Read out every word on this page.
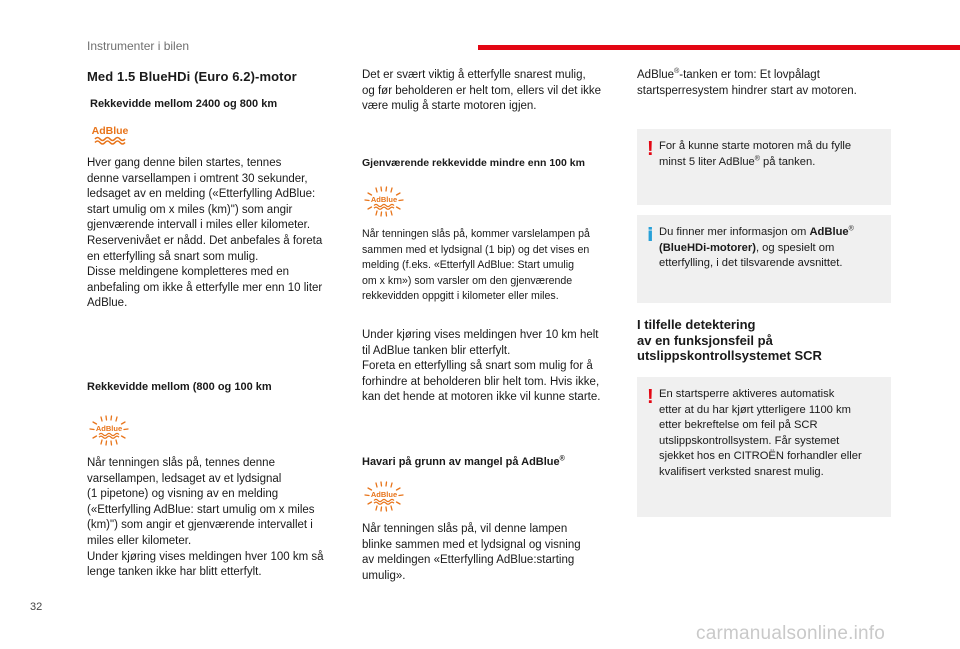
Instrumenter i bilen
Med 1.5 BlueHDi (Euro 6.2)-motor
Rekkevidde mellom 2400 og 800 km
AdBlue
Hver gang denne bilen startes, tennes
denne varsellampen i omtrent 30 sekunder,
ledsaget av en melding («Etterfylling AdBlue:
start umulig om x miles (km)") som angir
gjenværende intervall i miles eller kilometer.
Reservenivået er nådd. Det anbefales å foreta
en etterfylling så snart som mulig.
Disse meldingene kompletteres med en
anbefaling om ikke å etterfylle mer enn 10 liter
AdBlue.
Rekkevidde mellom (800 og 100 km
AdBlue
Når tenningen slås på, tennes denne
varsellampen, ledsaget av et lydsignal
(1 pipetone) og visning av en melding
(«Etterfylling AdBlue: start umulig om x miles
(km)") som angir et gjenværende intervallet i
miles eller kilometer.
Under kjøring vises meldingen hver 100 km så
lenge tanken ikke har blitt etterfylt.
Det er svært viktig å etterfylle snarest mulig,
og før beholderen er helt tom, ellers vil det ikke
være mulig å starte motoren igjen.
Gjenværende rekkevidde mindre enn 100 km
AdBlue
Når tenningen slås på, kommer varslelampen på
sammen med et lydsignal (1 bip) og det vises en
melding (f.eks. «Etterfyll AdBlue: Start umulig
om x km») som varsler om den gjenværende
rekkevidden oppgitt i kilometer eller miles.
Under kjøring vises meldingen hver 10 km helt
til AdBlue tanken blir etterfylt.
Foreta en etterfylling så snart som mulig for å
forhindre at beholderen blir helt tom. Hvis ikke,
kan det hende at motoren ikke vil kunne starte.
Havari på grunn av mangel på AdBlue®
AdBlue
Når tenningen slås på, vil denne lampen
blinke sammen med et lydsignal og visning
av meldingen «Etterfylling AdBlue:starting
umulig».
AdBlue®-tanken er tom: Et lovpålagt
startsperresystem hindrer start av motoren.
! For å kunne starte motoren må du fylle
minst 5 liter AdBlue® på tanken.
i Du finner mer informasjon om AdBlue®
(BlueHDi-motorer), og spesielt om
etterfylling, i det tilsvarende avsnittet.
I tilfelle detektering
av en funksjonsfeil på
utslippskontrollsystemet SCR
! En startsperre aktiveres automatisk
etter at du har kjørt ytterligere 1100 km
etter bekreftelse om feil på SCR
utslippskontrollsystem. Får systemet
sjekket hos en CITROËN forhandler eller
kvalifisert verksted snarest mulig.
32
carmanualsonline.info
